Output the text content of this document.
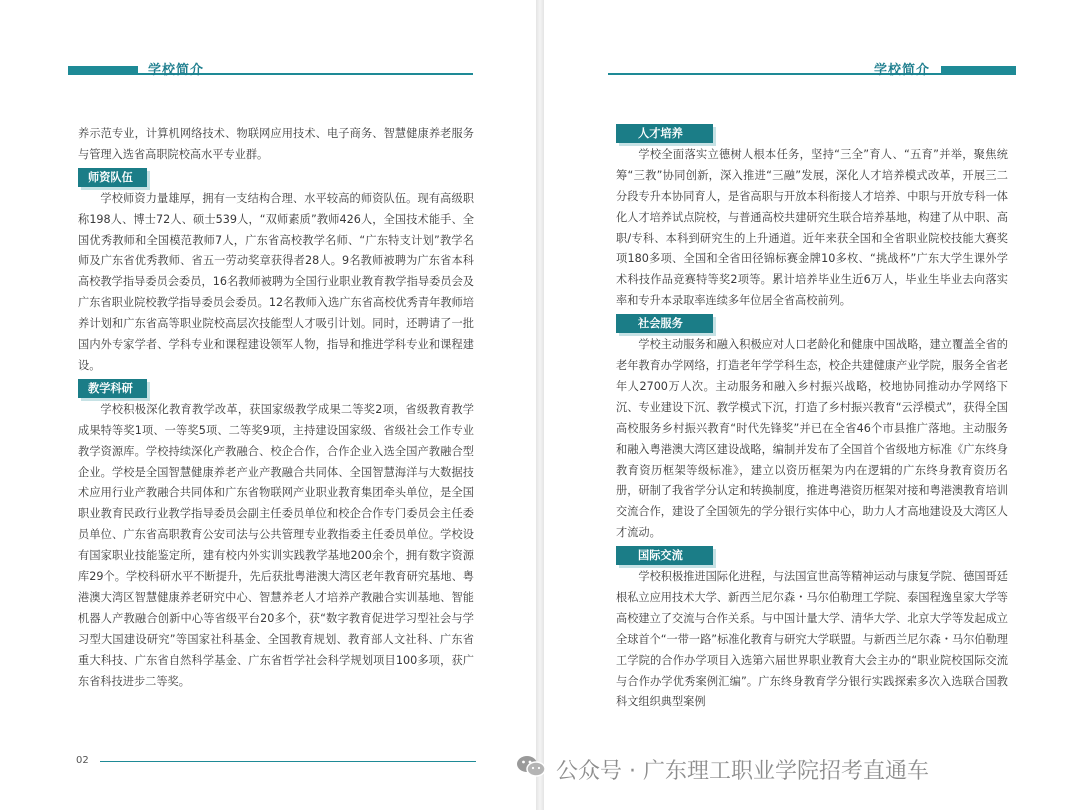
学校简介

养示范专业，计算机网络技术、物联网应用技术、电子商务、智慧健康养老服务与管理入选省高职院校高水平专业群。

师资队伍

学校师资力量雄厚，拥有一支结构合理、水平较高的师资队伍。现有高级职称198人、博士72人、硕士539人，“双师素质”教师426人，全国技术能手、全国优秀教师和全国模范教师7人，广东省高校教学名师、“广东特支计划”教学名师及广东省优秀教师、省五一劳动奖章获得者28人。9名教师被聘为广东省本科高校教学指导委员会委员，16名教师被聘为全国行业职业教育教学指导委员会及广东省职业院校教学指导委员会委员。12名教师入选广东省高校优秀青年教师培养计划和广东省高等职业院校高层次技能型人才吸引计划。同时，还聘请了一批国内外专家学者、学科专业和课程建设领军人物，指导和推进学科专业和课程建设。

教学科研

学校积极深化教育教学改革，获国家级教学成果二等奖2项，省级教育教学成果特等奖1项、一等奖5项、二等奖9项，主持建设国家级、省级社会工作专业教学资源库。学校持续深化产教融合、校企合作，合作企业入选全国产教融合型企业。学校是全国智慧健康养老产业产教融合共同体、全国智慧海洋与大数据技术应用行业产教融合共同体和广东省物联网产业职业教育集团牵头单位，是全国职业教育民政行业教学指导委员会副主任委员单位和校企合作专门委员会主任委员单位、广东省高职教育公安司法与公共管理专业教指委主任委员单位。学校设有国家职业技能鉴定所，建有校内外实训实践教学基地200余个，拥有数字资源库29个。学校科研水平不断提升，先后获批粤港澳大湾区老年教育研究基地、粤港澳大湾区智慧健康养老研究中心、智慧养老人才培养产教融合实训基地、智能机器人产教融合创新中心等省级平台20多个，获“数字教育促进学习型社会与学习型大国建设研究”等国家社科基金、全国教育规划、教育部人文社科、广东省重大科技、广东省自然科学基金、广东省哲学社会科学规划项目100多项，获广东省科技进步二等奖。

02
学校简介
人才培养

学校全面落实立德树人根本任务，坚持“三全”育人、“五育”并举，聚焦统筹“三教”协同创新，深入推进“三融”发展，深化人才培养模式改革，开展三二分段专升本协同育人，是省高职与开放本科衔接人才培养、中职与开放专科一体化人才培养试点院校，与普通高校共建研究生联合培养基地，构建了从中职、高职/专科、本科到研究生的上升通道。近年来获全国和全省职业院校技能大赛奖项180多项、全国和全省田径锦标赛金牌10多枚、“挑战杯”广东大学生课外学术科技作品竞赛特等奖2项等。累计培养毕业生近6万人，毕业生毕业去向落实率和专升本录取率连续多年位居全省高校前列。

社会服务

学校主动服务和融入积极应对人口老龄化和健康中国战略，建立覆盖全省的老年教育办学网络，打造老年学学科生态，校企共建健康产业学院，服务全省老年人2700万人次。主动服务和融入乡村振兴战略，校地协同推动办学网络下沉、专业建设下沉、教学模式下沉，打造了乡村振兴教育“云浮模式”，获得全国高校服务乡村振兴教育“时代先锋奖”并已在全省46个市县推广落地。主动服务和融入粤港澳大湾区建设战略，编制并发布了全国首个省级地方标准《广东终身教育资历框架等级标准》，建立以资历框架为内在逻辑的广东终身教育资历名册，研制了我省学分认定和转换制度，推进粤港资历框架对接和粤港澳教育培训交流合作，建设了全国领先的学分银行实体中心，助力人才高地建设及大湾区人才流动。

国际交流

学校积极推进国际化进程，与法国宣世高等精神运动与康复学院、德国哥廷根私立应用技术大学、新西兰尼尔森・马尔伯勒理工学院、泰国程逸皇家大学等高校建立了交流与合作关系。与中国计量大学、清华大学、北京大学等发起成立全球首个“一带一路”标准化教育与研究大学联盟。与新西兰尼尔森・马尔伯勒理工学院的合作办学项目入选第六届世界职业教育大会主办的“职业院校国际交流与合作办学优秀案例汇编”。广东终身教育学分银行实践探索多次入选联合国教科文组织典型案例

公众号 · 广东理工职业学院招考直通车
